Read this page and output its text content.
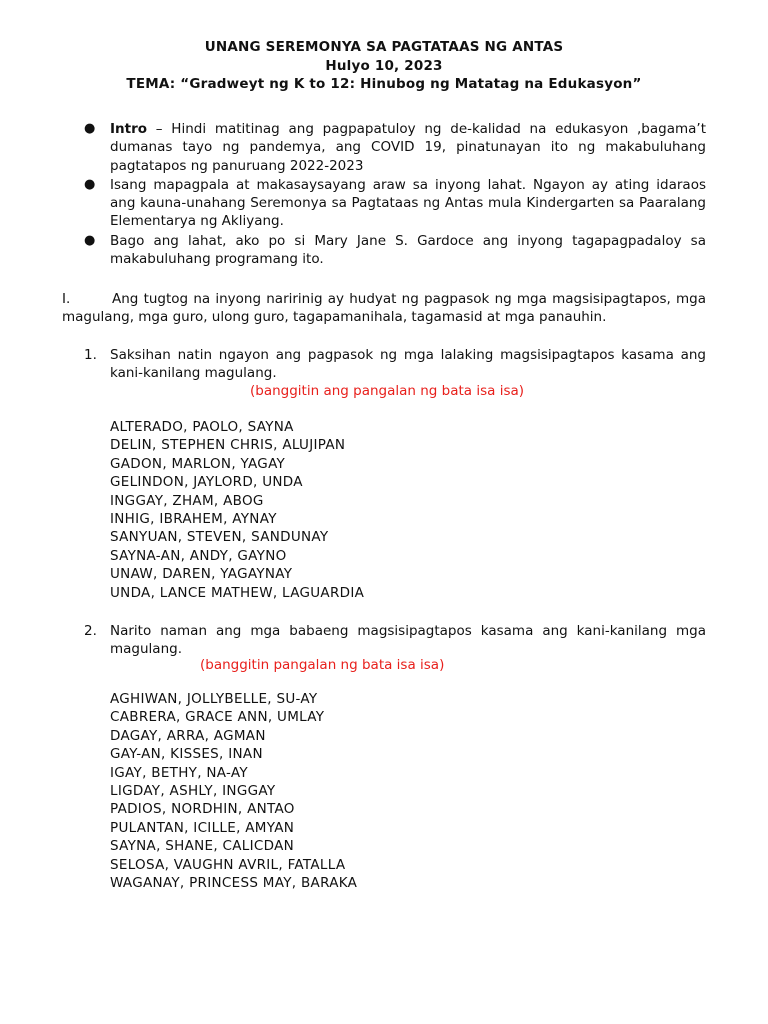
UNANG SEREMONYA SA PAGTATAAS NG ANTAS
Hulyo 10, 2023
TEMA: “Gradweyt ng K to 12: Hinubog ng Matatag na Edukasyon”
● Intro – Hindi matitinag ang pagpapatuloy ng de-kalidad na edukasyon ,bagama’t dumanas tayo ng pandemya, ang COVID 19, pinatunayan ito ng makabuluhang pagtatapos ng panuruang 2022-2023
● Isang mapagpala at makasaysayang araw sa inyong lahat. Ngayon ay ating idaraos ang kauna-unahang Seremonya sa Pagtataas ng Antas mula Kindergarten sa Paaralang Elementarya ng Akliyang.
● Bago ang lahat, ako po si Mary Jane S. Gardoce ang inyong tagapagpadaloy sa makabuluhang programang ito.
I.	Ang tugtog na inyong naririnig ay hudyat ng pagpasok ng mga magsisipagtapos, mga magulang, mga guro, ulong guro, tagapamanihala, tagamasid at mga panauhin.
1. Saksihan natin ngayon ang pagpasok ng mga lalaking magsisipagtapos kasama ang kani-kanilang magulang.
(banggitin ang pangalan ng bata isa isa)
ALTERADO, PAOLO, SAYNA
DELIN, STEPHEN CHRIS, ALUJIPAN
GADON, MARLON, YAGAY
GELINDON, JAYLORD, UNDA
INGGAY, ZHAM, ABOG
INHIG, IBRAHEM, AYNAY
SANYUAN, STEVEN, SANDUNAY
SAYNA-AN, ANDY, GAYNO
UNAW, DAREN, YAGAYNAY
UNDA, LANCE MATHEW, LAGUARDIA
2. Narito naman ang mga babaeng magsisipagtapos kasama ang kani-kanilang mga magulang.
(banggitin pangalan ng bata isa isa)
AGHIWAN, JOLLYBELLE, SU-AY
CABRERA, GRACE ANN, UMLAY
DAGAY, ARRA, AGMAN
GAY-AN, KISSES, INAN
IGAY, BETHY, NA-AY
LIGDAY, ASHLY, INGGAY
PADIOS, NORDHIN, ANTAO
PULANTAN, ICILLE, AMYAN
SAYNA, SHANE, CALICDAN
SELOSA, VAUGHN AVRIL, FATALLA
WAGANAY, PRINCESS MAY, BARAKA
